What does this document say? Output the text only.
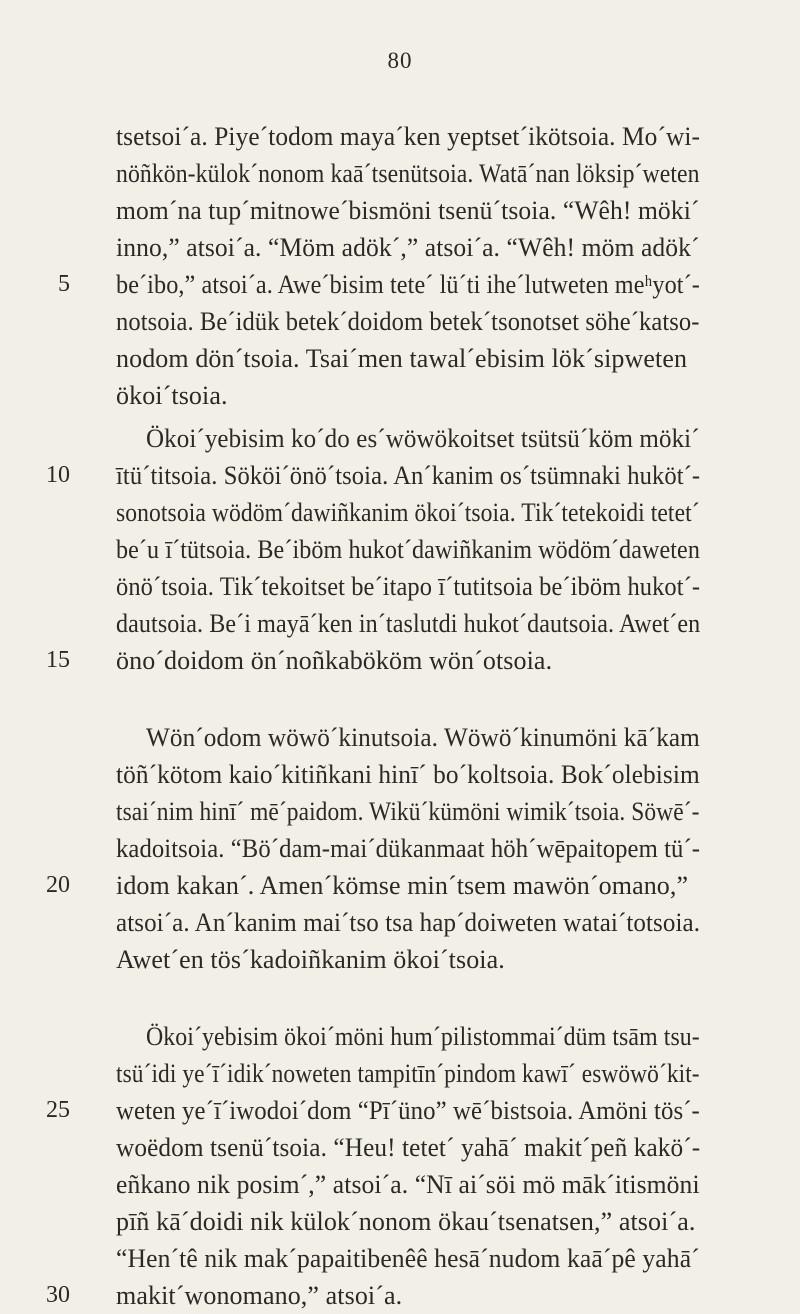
80
tsetsoi´a. Piye´todom maya´ken yeptset´ikötsoia. Mo´wi-
nöñkön-külok´nonom kaā´tsenütsoia. Watā´nan löksip´weten
mom´na tup´mitnowe´bismöni tsenü´tsoia. “Wêh! möki´
inno,” atsoi´a. “Möm adök´,” atsoi´a. “Wêh! möm adök´
5 be´ibo,” atsoi´a. Awe´bisim tete´ lü´ti ihe´lutweten meʰyot´-
notsoia. Be´idük betek´doidom betek´tsonotset söhe´katso-
nodom dön´tsoia. Tsai´men tawal´ebisim lök´sipweten
ökoi´tsoia.
Ökoi´yebisim ko´do es´wöwökoitset tsütsü´köm möki´
10 ītü´titsoia. Sököi´önö´tsoia. An´kanim os´tsümnaki huköt´-
sonotsoia wödöm´dawiñkanim ökoi´tsoia. Tik´tetekoidi tetet´
be´u ī´tütsoia. Be´iböm hukot´dawiñkanim wödöm´daweten
önö´tsoia. Tik´tekoitset be´itapo ī´tutitsoia be´iböm hukot´-
dautsoia. Be´i mayā´ken in´taslutdi hukot´dautsoia. Awet´en
15 öno´doidom ön´noñkabököm wön´otsoia.
Wön´odom wöwö´kinutsoia. Wöwö´kinumöni kā´kam
töñ´kötom kaio´kitiñkani hinī´ bo´koltsoia. Bok´olebisim
tsai´nim hinī´ mē´paidom. Wikü´kümöni wimik´tsoia. Söwē´-
kadoitsoia. “Bö´dam-mai´dükanmaat höh´wēpaitopem tü´-
20 idom kakan´. Amen´kömse min´tsem mawön´omano,”
atsoi´a. An´kanim mai´tso tsa hap´doiweten watai´totsoia.
Awet´en tös´kadoiñkanim ökoi´tsoia.
Ökoi´yebisim ökoi´möni hum´pilistommai´düm tsām tsu-
tsü´idi ye´ī´idik´noweten tampitīn´pindom kawī´ eswöwö´kit-
25 weten ye´ī´iwodoi´dom “Pī´üno” wē´bistsoia. Amöni tös´-
woëdom tsenü´tsoia. “Heu! tetet´ yahā´ makit´peñ kakö´-
eñkano nik posim´,” atsoi´a. “Nī ai´söi mö māk´itismöni
pīñ kā´doidi nik külok´nonom ökau´tsenatsen,” atsoi´a.
“Hen´tê nik mak´papaitibenêê hesā´nudom kaā´pê yahā´
30 makit´wonomano,” atsoi´a.
